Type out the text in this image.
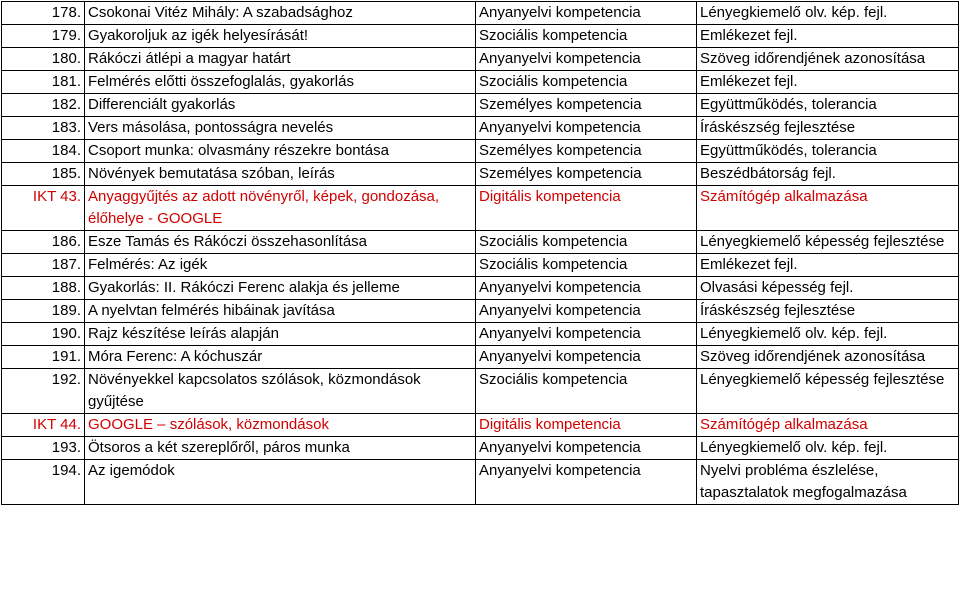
178.	Csokonai Vitéz Mihály: A szabadsághoz	Anyanyelvi kompetencia	Lényegkiemelő olv. kép. fejl.
179.	Gyakoroljuk az igék helyesírását!	Szociális kompetencia	Emlékezet fejl.
180.	Rákóczi átlépi a magyar határt	Anyanyelvi kompetencia	Szöveg időrendjének azonosítása
181.	Felmérés előtti összefoglalás, gyakorlás	Szociális kompetencia	Emlékezet fejl.
182.	Differenciált gyakorlás	Személyes kompetencia	Együttműködés, tolerancia
183.	Vers másolása, pontosságra nevelés	Anyanyelvi kompetencia	Íráskészség fejlesztése
184.	Csoport munka: olvasmány részekre bontása	Személyes kompetencia	Együttműködés, tolerancia
185.	Növények bemutatása szóban, leírás	Személyes kompetencia	Beszédbátorság fejl.
IKT 43.	Anyaggyűjtés az adott növényről, képek, gondozása, élőhelye - GOOGLE	Digitális kompetencia	Számítógép alkalmazása
186.	Esze Tamás és Rákóczi összehasonlítása	Szociális kompetencia	Lényegkiemelő képesség fejlesztése
187.	Felmérés: Az igék	Szociális kompetencia	Emlékezet fejl.
188.	Gyakorlás: II. Rákóczi Ferenc alakja és jelleme	Anyanyelvi kompetencia	Olvasási képesség fejl.
189.	A nyelvtan felmérés hibáinak javítása	Anyanyelvi kompetencia	Íráskészség fejlesztése
190.	Rajz készítése leírás alapján	Anyanyelvi kompetencia	Lényegkiemelő olv. kép. fejl.
191.	Móra Ferenc: A kóchuszár	Anyanyelvi kompetencia	Szöveg időrendjének azonosítása
192.	Növényekkel kapcsolatos szólások, közmondások gyűjtése	Szociális kompetencia	Lényegkiemelő képesség fejlesztése
IKT 44.	GOOGLE – szólások, közmondások	Digitális kompetencia	Számítógép alkalmazása
193.	Ötsoros a két szereplőről, páros munka	Anyanyelvi kompetencia	Lényegkiemelő olv. kép. fejl.
194.	Az igemódok	Anyanyelvi kompetencia	Nyelvi probléma észlelése, tapasztalatok megfogalmazása
